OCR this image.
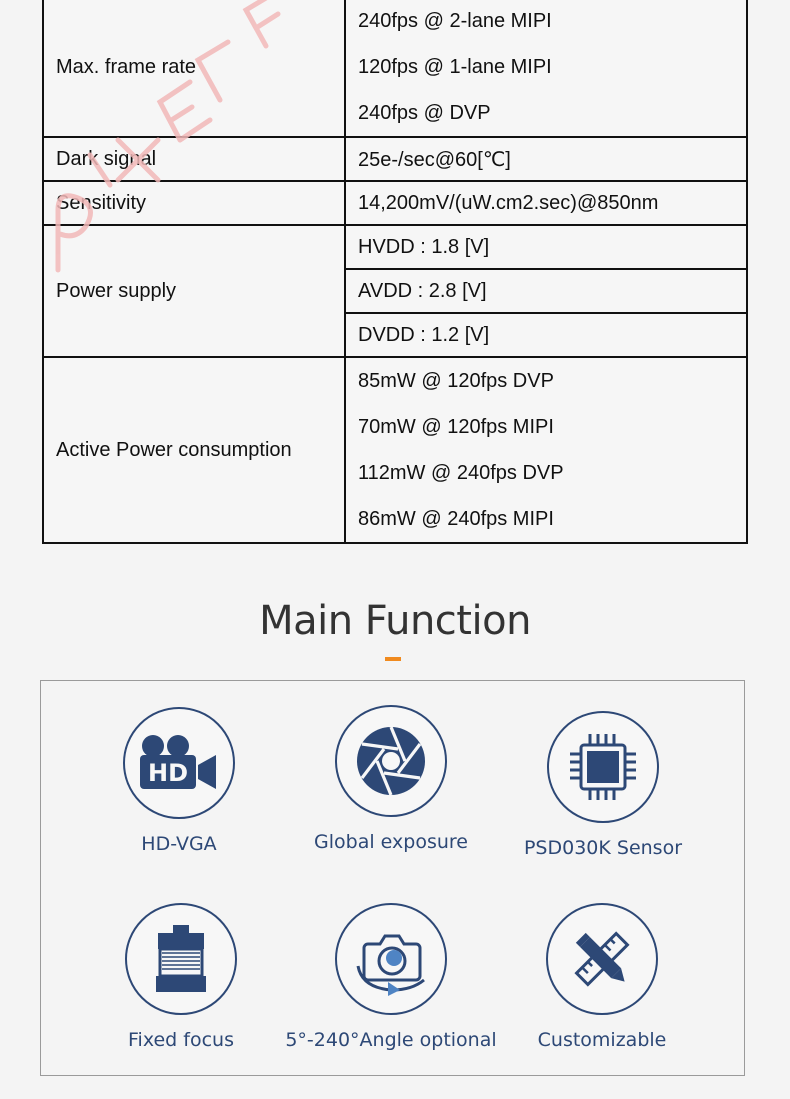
Max. frame rate	240fps @ 2-lane MIPI
120fps @ 1-lane MIPI
240fps @ DVP

Dark signal	25e-/sec@60[℃]
Sensitivity	14,200mV/(uW.cm2.sec)@850nm
Power supply	HVDD : 1.8 [V]
	AVDD : 2.8 [V]
	DVDD : 1.2 [V]
Active Power consumption	85mW @ 120fps DVP
70mW @ 120fps MIPI
112mW @ 240fps DVP
86mW @ 240fps MIPI
Main Function
HD
HD-VGA	Global exposure	PSD030K Sensor
Fixed focus	5°-240°Angle optional	Customizable
